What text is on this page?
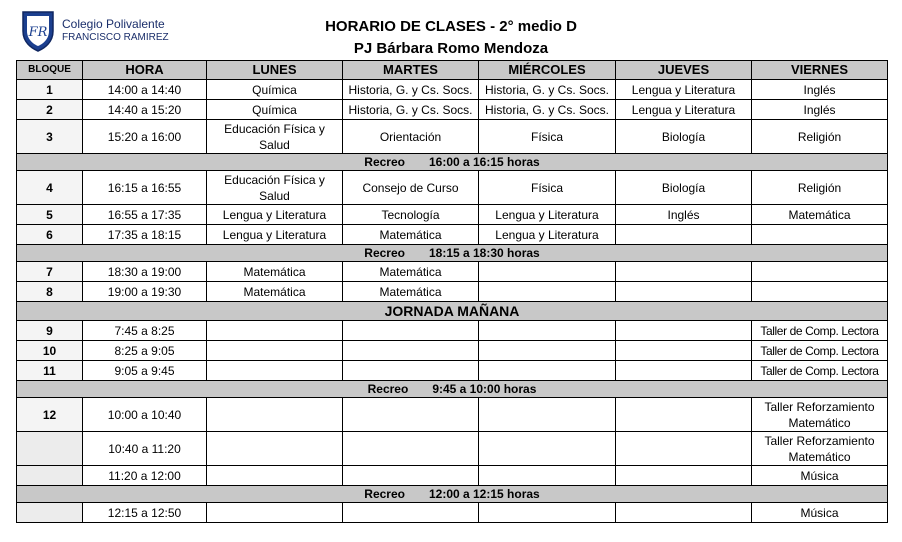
FR
Colegio Polivalente
FRANCISCO RAMIREZ
HORARIO DE CLASES - 2° medio D
PJ Bárbara Romo Mendoza
BLOQUE	HORA	LUNES	MARTES	MIÉRCOLES	JUEVES	VIERNES
1	14:00 a 14:40	Química	Historia, G. y Cs. Socs.	Historia, G. y Cs. Socs.	Lengua y Literatura	Inglés
2	14:40 a 15:20	Química	Historia, G. y Cs. Socs.	Historia, G. y Cs. Socs.	Lengua y Literatura	Inglés
3	15:20 a 16:00	Educación Física y Salud	Orientación	Física	Biología	Religión
Recreo 16:00 a 16:15 horas						
4	16:15 a 16:55	Educación Física y Salud	Consejo de Curso	Física	Biología	Religión
5	16:55 a 17:35	Lengua y Literatura	Tecnología	Lengua y Literatura	Inglés	Matemática
6	17:35 a 18:15	Lengua y Literatura	Matemática	Lengua y Literatura		
Recreo 18:15 a 18:30 horas						
7	18:30 a 19:00	Matemática	Matemática			
8	19:00 a 19:30	Matemática	Matemática			
JORNADA MAÑANA						
9	7:45 a 8:25					Taller de Comp. Lectora
10	8:25 a 9:05					Taller de Comp. Lectora
11	9:05 a 9:45					Taller de Comp. Lectora
Recreo 9:45 a 10:00 horas						
12	10:00 a 10:40					Taller Reforzamiento Matemático
	10:40 a 11:20					Taller Reforzamiento Matemático
	11:20 a 12:00					Música
Recreo 12:00 a 12:15 horas						
	12:15 a 12:50					Música
